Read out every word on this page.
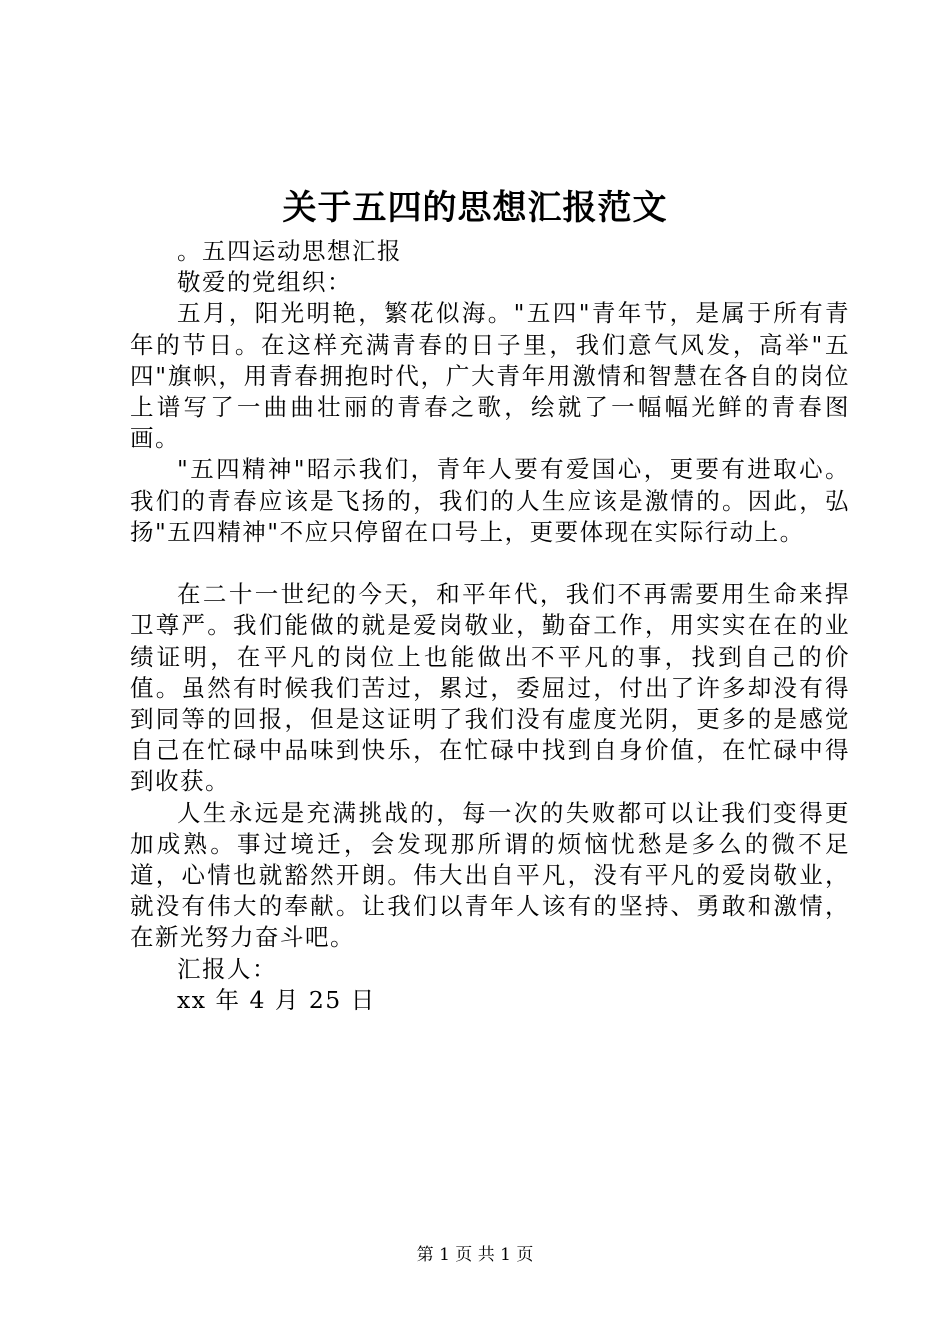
关于五四的思想汇报范文

。五四运动思想汇报

敬爱的党组织：

五月，阳光明艳，繁花似海。"五四"青年节，是属于所有青年的节日。在这样充满青春的日子里，我们意气风发，高举"五四"旗帜，用青春拥抱时代，广大青年用激情和智慧在各自的岗位上谱写了一曲曲壮丽的青春之歌，绘就了一幅幅光鲜的青春图画。

"五四精神"昭示我们，青年人要有爱国心，更要有进取心。我们的青春应该是飞扬的，我们的人生应该是激情的。因此，弘扬"五四精神"不应只停留在口号上，更要体现在实际行动上。

在二十一世纪的今天，和平年代，我们不再需要用生命来捍卫尊严。我们能做的就是爱岗敬业，勤奋工作，用实实在在的业绩证明，在平凡的岗位上也能做出不平凡的事，找到自己的价值。虽然有时候我们苦过，累过，委屈过，付出了许多却没有得到同等的回报，但是这证明了我们没有虚度光阴，更多的是感觉自己在忙碌中品味到快乐，在忙碌中找到自身价值，在忙碌中得到收获。

人生永远是充满挑战的，每一次的失败都可以让我们变得更加成熟。事过境迁，会发现那所谓的烦恼忧愁是多么的微不足道，心情也就豁然开朗。伟大出自平凡，没有平凡的爱岗敬业，就没有伟大的奉献。让我们以青年人该有的坚持、勇敢和激情，在新光努力奋斗吧。

汇报人：

xx 年 4 月 25 日

第 1 页 共 1 页
